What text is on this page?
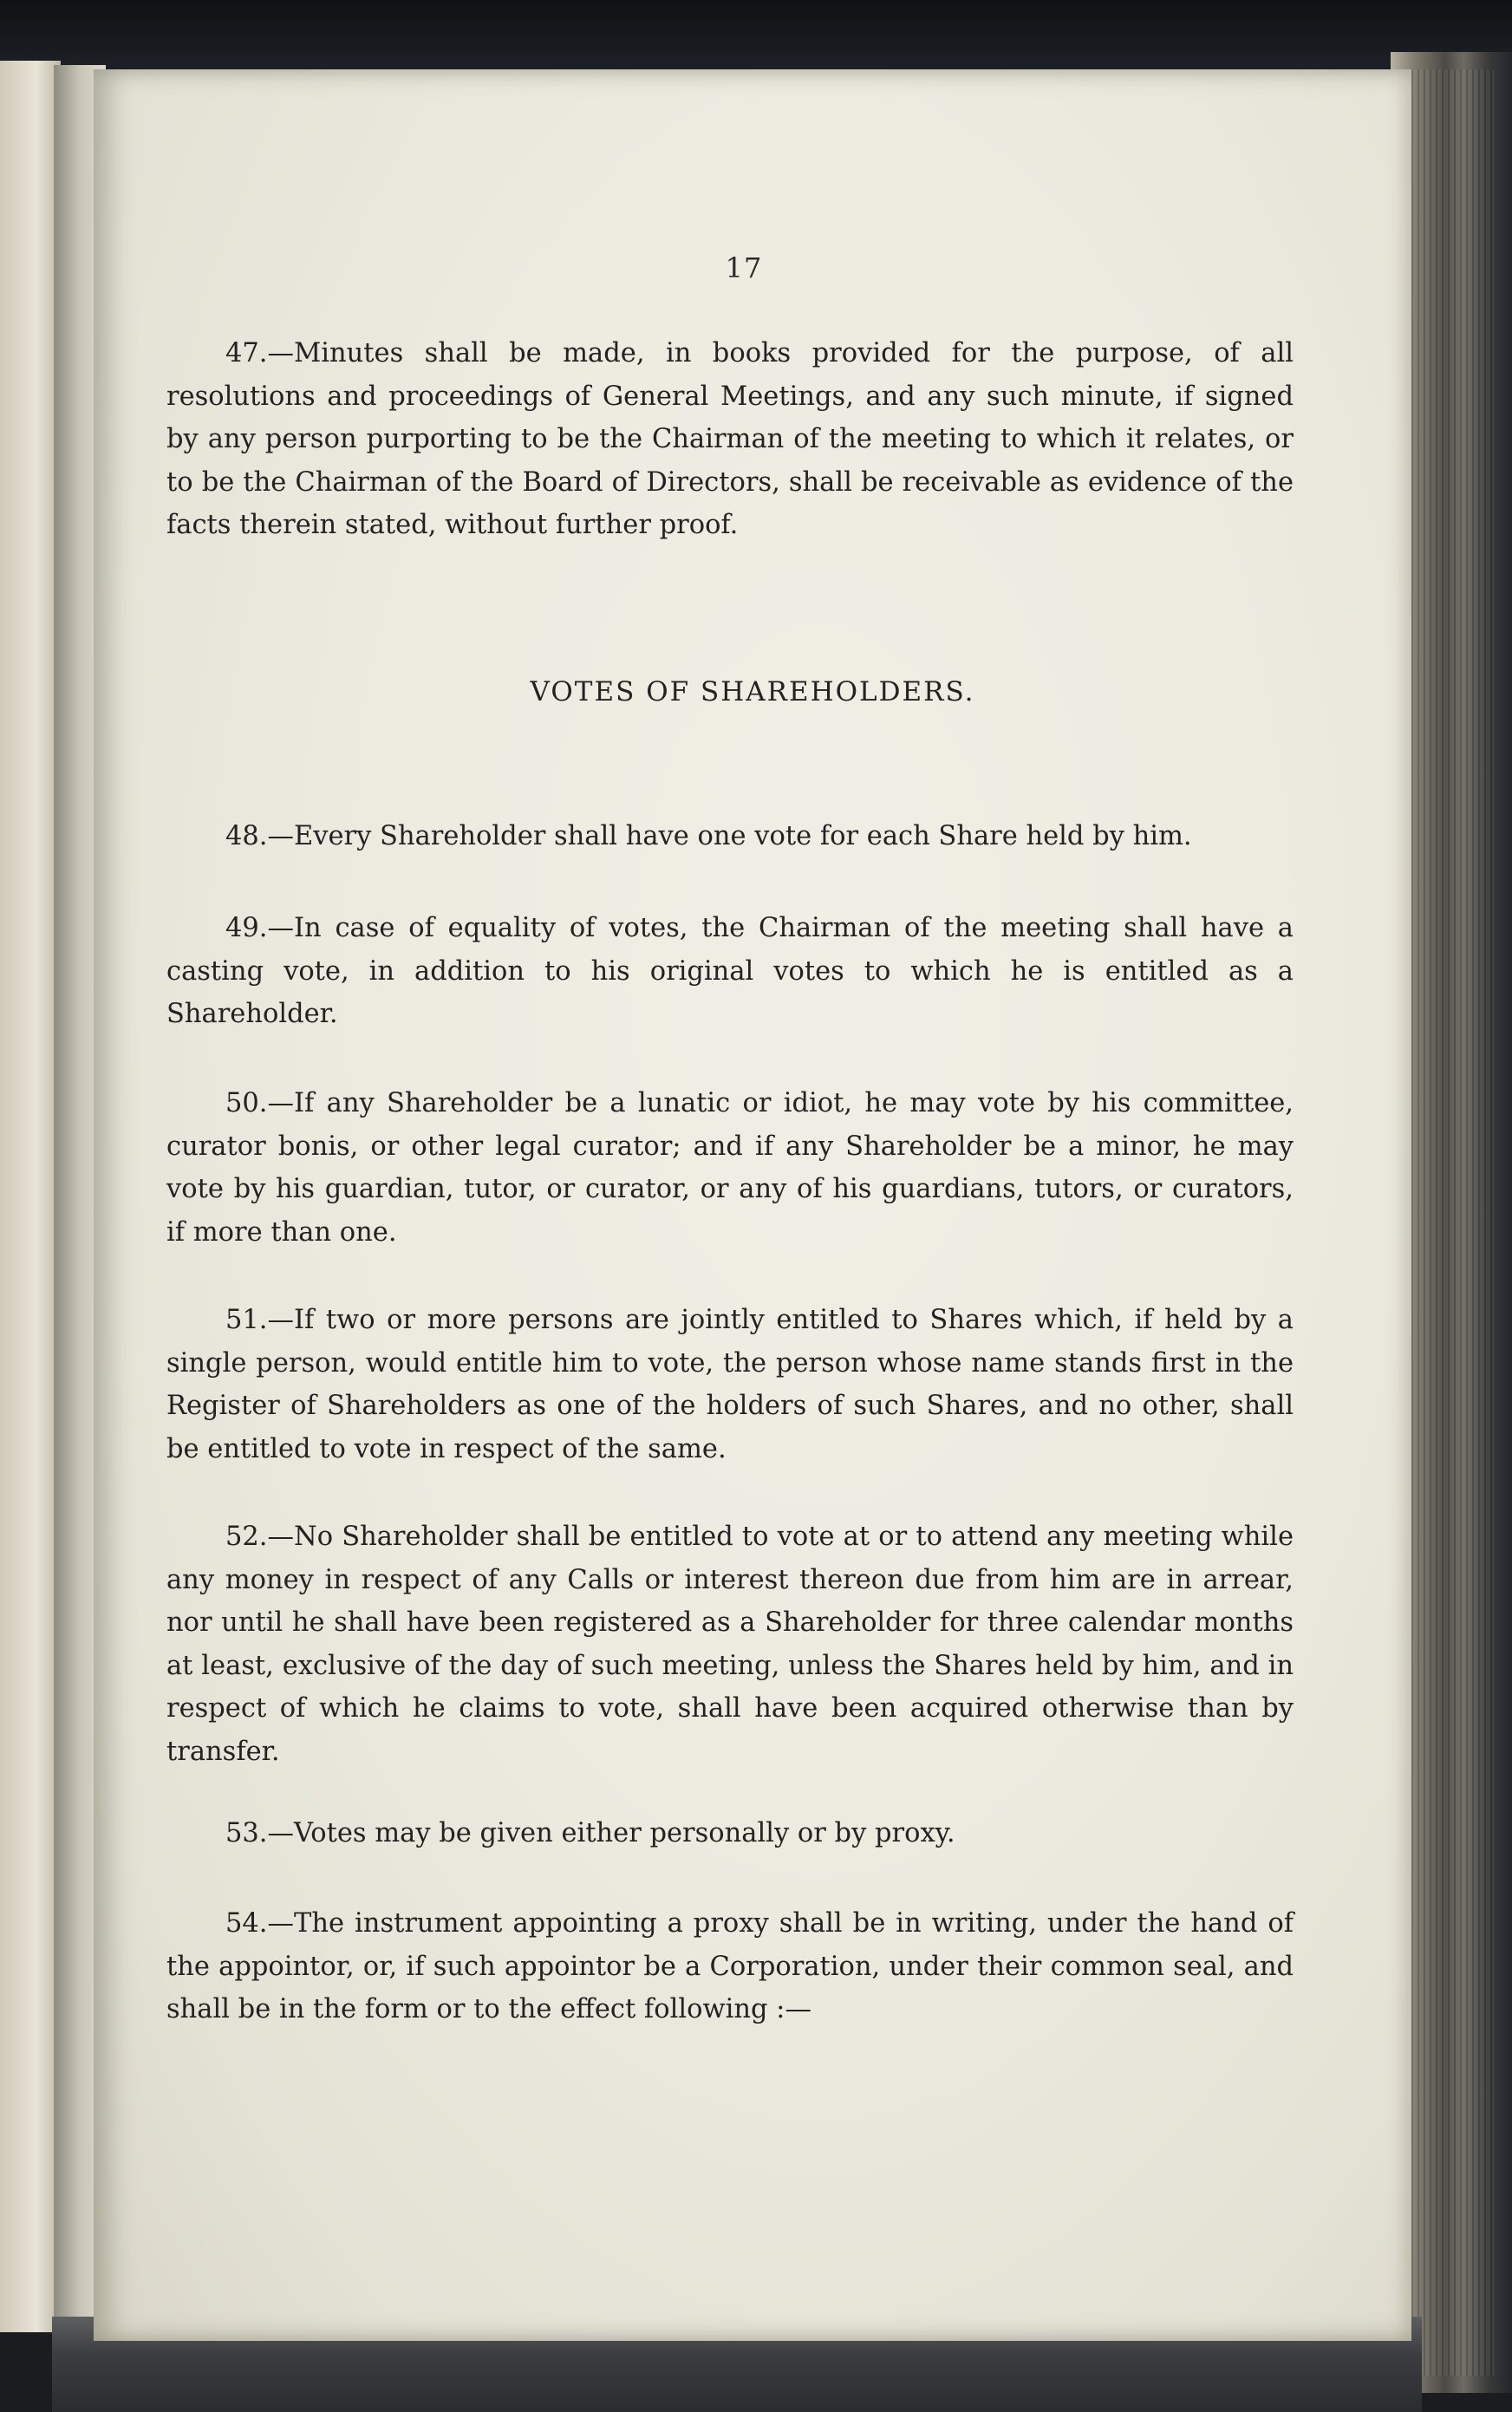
17

47.—Minutes shall be made, in books provided for the purpose, of all resolutions and proceedings of General Meetings, and any such minute, if signed by any person purporting to be the Chairman of the meeting to which it relates, or to be the Chairman of the Board of Directors, shall be receivable as evidence of the facts therein stated, without further proof.

VOTES OF SHAREHOLDERS.

48.—Every Shareholder shall have one vote for each Share held by him.

49.—In case of equality of votes, the Chairman of the meeting shall have a casting vote, in addition to his original votes to which he is entitled as a Shareholder.

50.—If any Shareholder be a lunatic or idiot, he may vote by his committee, curator bonis, or other legal curator; and if any Shareholder be a minor, he may vote by his guardian, tutor, or curator, or any of his guardians, tutors, or curators, if more than one.

51.—If two or more persons are jointly entitled to Shares which, if held by a single person, would entitle him to vote, the person whose name stands first in the Register of Shareholders as one of the holders of such Shares, and no other, shall be entitled to vote in respect of the same.

52.—No Shareholder shall be entitled to vote at or to attend any meeting while any money in respect of any Calls or interest thereon due from him are in arrear, nor until he shall have been registered as a Shareholder for three calendar months at least, exclusive of the day of such meeting, unless the Shares held by him, and in respect of which he claims to vote, shall have been acquired otherwise than by transfer.

53.—Votes may be given either personally or by proxy.

54.—The instrument appointing a proxy shall be in writing, under the hand of the appointor, or, if such appointor be a Corporation, under their common seal, and shall be in the form or to the effect following :—
